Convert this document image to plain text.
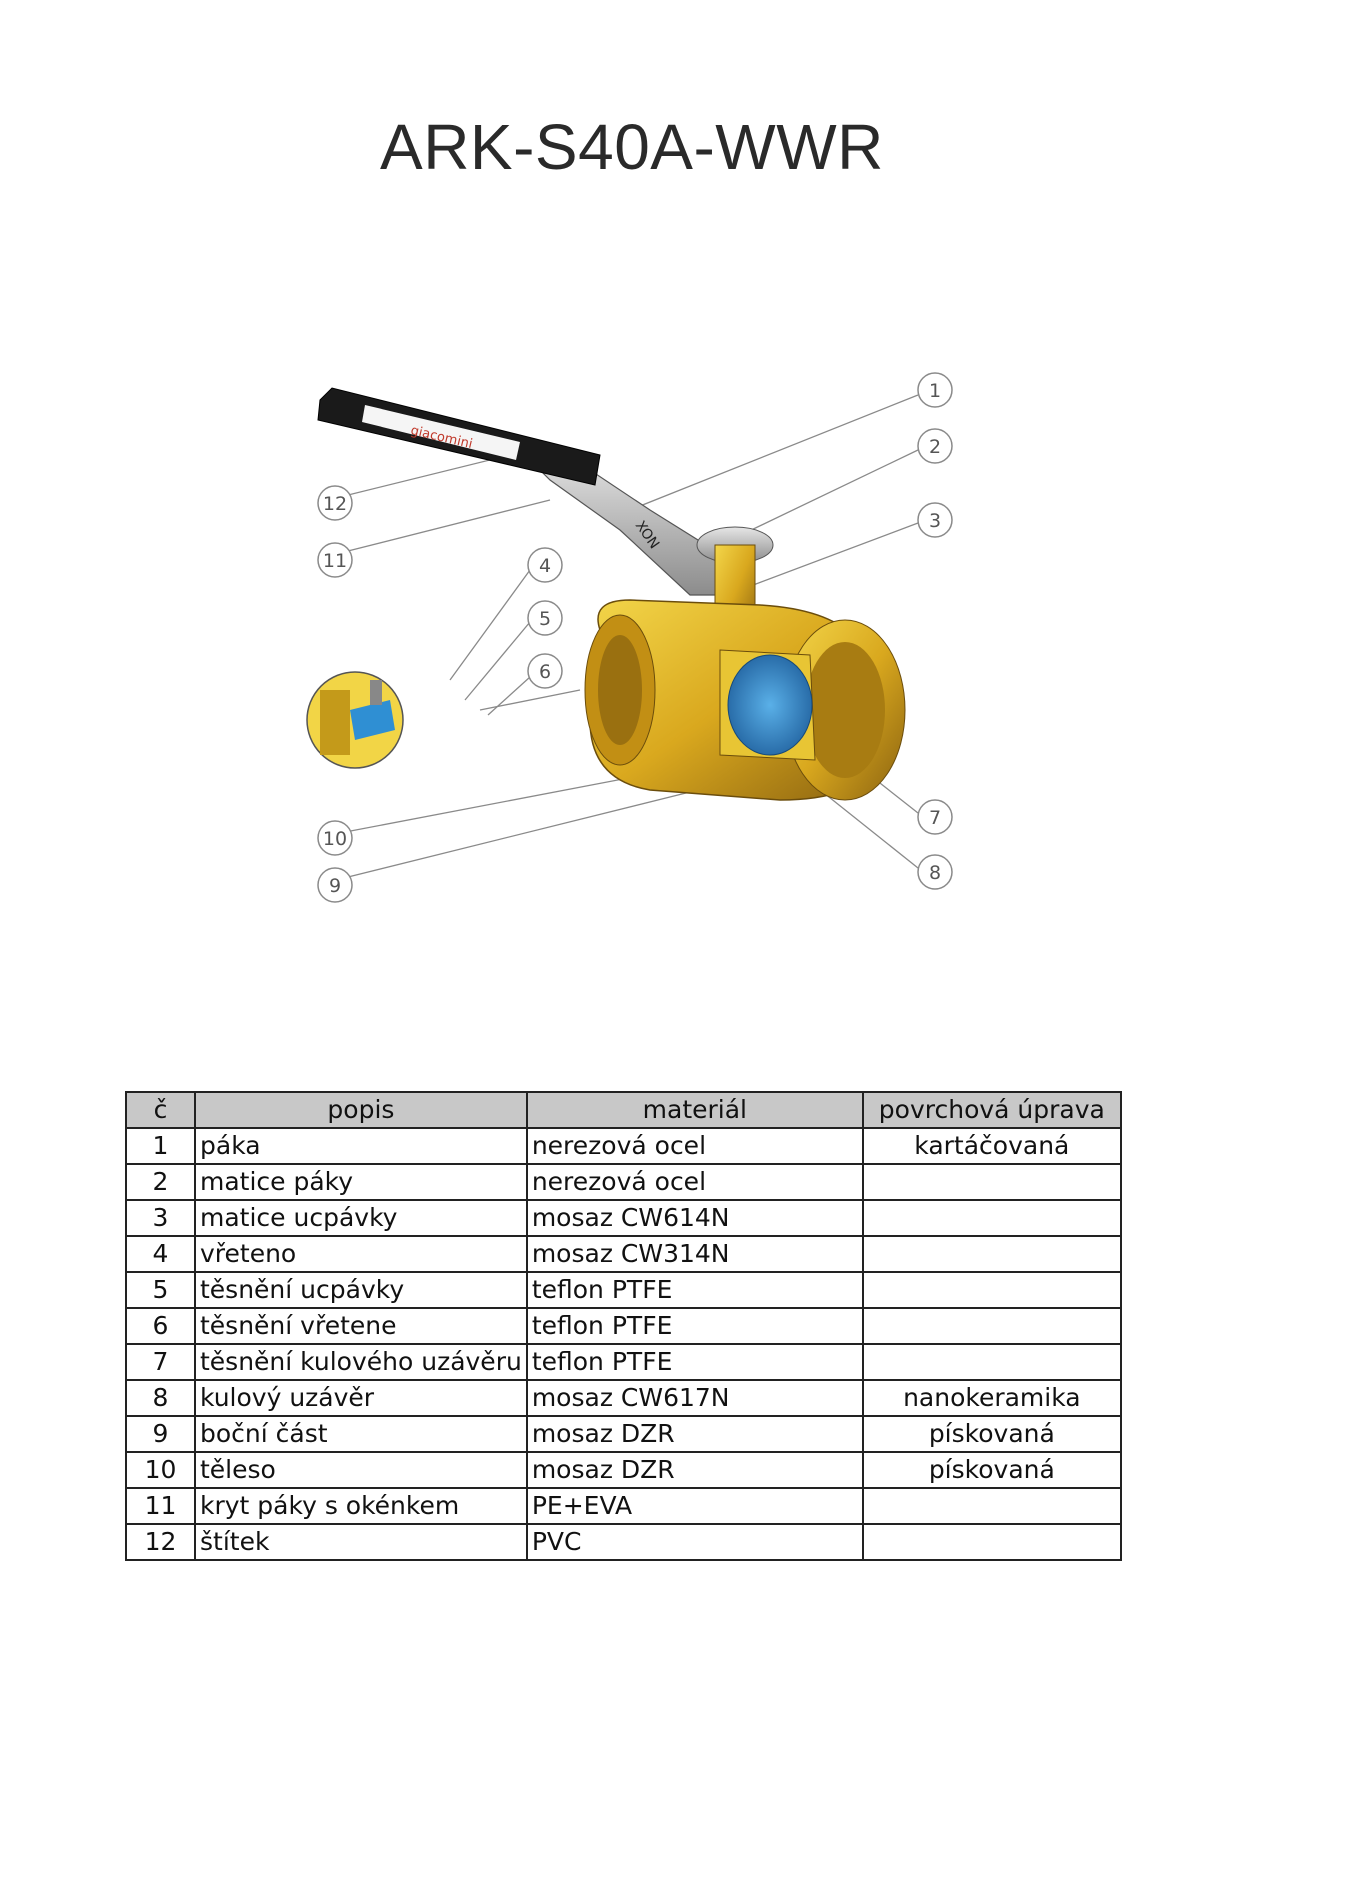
ARK-S40A-WWR
XON
giacomini
1
2
3
4
5
6
7
8
9
10
11
12
č	popis	materiál	povrchová úprava
1	páka	nerezová ocel	kartáčovaná
2	matice páky	nerezová ocel	
3	matice ucpávky	mosaz CW614N	
4	vřeteno	mosaz CW314N	
5	těsnění ucpávky	teflon PTFE	
6	těsnění vřetene	teflon PTFE	
7	těsnění kulového uzávěru	teflon PTFE	
8	kulový uzávěr	mosaz CW617N	nanokeramika
9	boční část	mosaz DZR	pískovaná
10	těleso	mosaz DZR	pískovaná
11	kryt páky s okénkem	PE+EVA	
12	štítek	PVC	
